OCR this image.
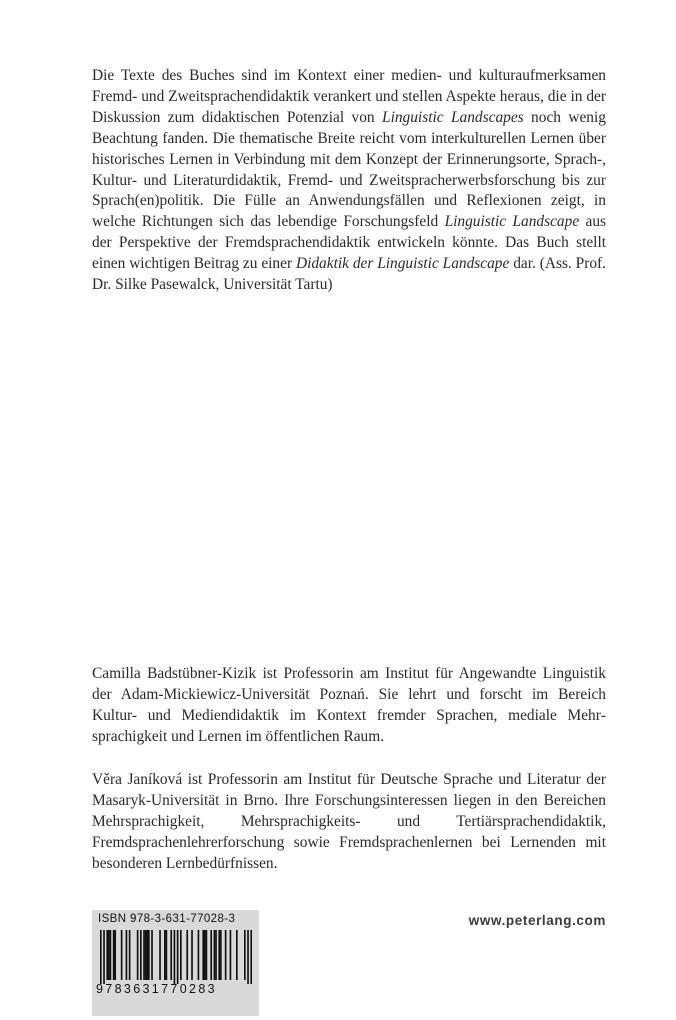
Die Texte des Buches sind im Kontext einer medien- und kulturaufmerksamen Fremd- und Zweitsprachendidaktik verankert und stellen Aspekte heraus, die in der Diskussion zum didaktischen Potenzial von Linguistic Landscapes noch wenig Beachtung fanden. Die thematische Breite reicht vom interkulturellen Lernen über historisches Lernen in Verbindung mit dem Konzept der Erinnerungsorte, Sprach-, Kultur- und Literaturdidaktik, Fremd- und Zweitspracherwerbsforschung bis zur Sprach(en)politik. Die Fülle an Anwendungsfällen und Reflexionen zeigt, in welche Richtungen sich das lebendige Forschungsfeld Linguistic Landscape aus der Perspektive der Fremdsprachendidaktik entwickeln könnte. Das Buch stellt einen wichtigen Beitrag zu einer Didaktik der Linguistic Landscape dar. (Ass. Prof. Dr. Silke Pasewalck, Universität Tartu)

Camilla Badstübner-Kizik ist Professorin am Institut für Angewandte Linguistik der Adam-Mickiewicz-Universität Poznań. Sie lehrt und forscht im Bereich Kultur- und Mediendidaktik im Kontext fremder Sprachen, mediale Mehrsprachigkeit und Lernen im öffentlichen Raum.

Věra Janíková ist Professorin am Institut für Deutsche Sprache und Literatur der Masaryk-Universität in Brno. Ihre Forschungsinteressen liegen in den Bereichen Mehrsprachigkeit, Mehrsprachigkeits- und Tertiärsprachendidaktik, Fremdsprachenlehrerforschung sowie Fremdsprachenlernen bei Lernenden mit besonderen Lernbedürfnissen.

ISBN 978-3-631-77028-3
9783631770283
www.peterlang.com
